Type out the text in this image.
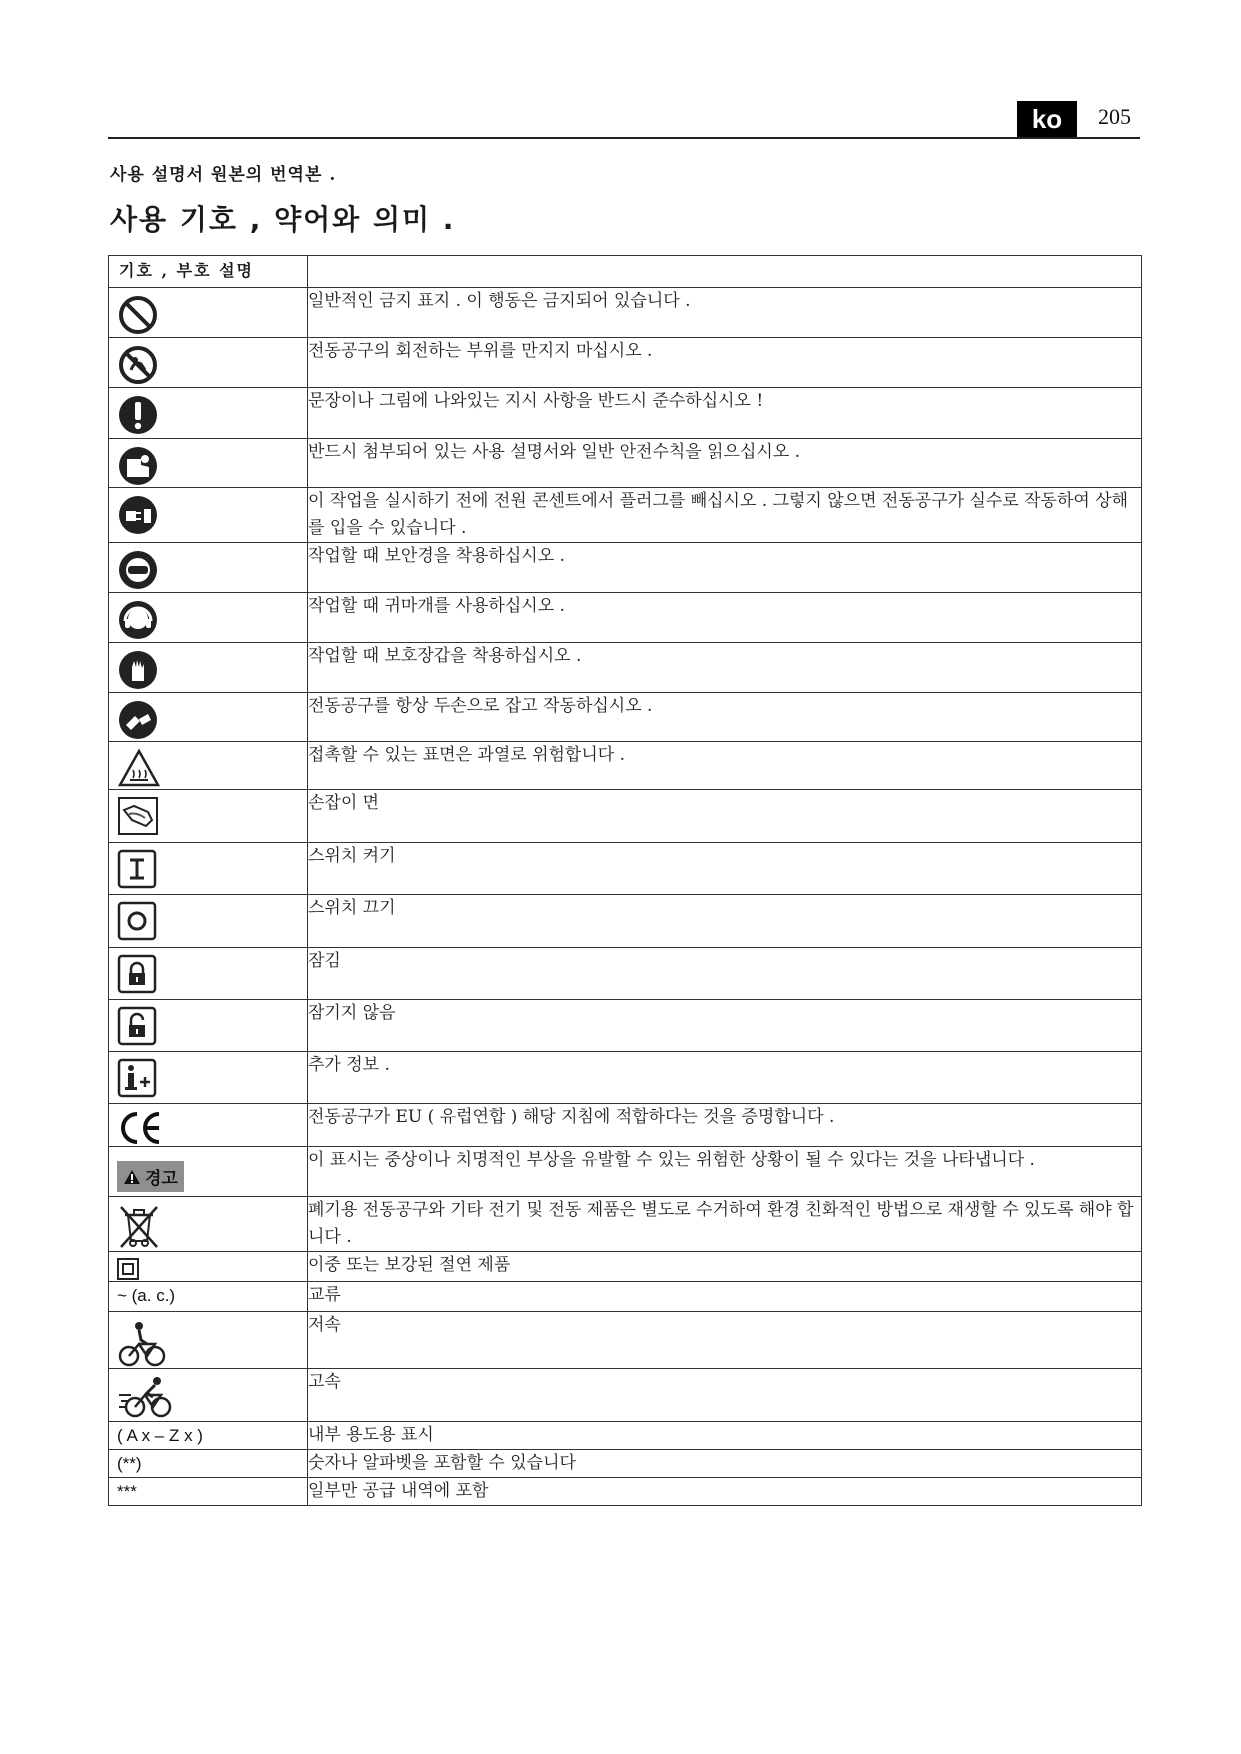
ko	205
사용 설명서 원본의 번역본 .
사용 기호 , 약어와 의미 .
기호 , 부호 설명	

	일반적인 금지 표지 . 이 행동은 금지되어 있습니다 .

	전동공구의 회전하는 부위를 만지지 마십시오 .

	문장이나 그림에 나와있는 지시 사항을 반드시 준수하십시오 !

	반드시 첨부되어 있는 사용 설명서와 일반 안전수칙을 읽으십시오 .

	이 작업을 실시하기 전에 전원 콘센트에서 플러그를 빼십시오 . 그렇지 않으면 전동공구가 실수로 작동하여 상해를 입을 수 있습니다 .

	작업할 때 보안경을 착용하십시오 .

	작업할 때 귀마개를 사용하십시오 .

	작업할 때 보호장갑을 착용하십시오 .

	전동공구를 항상 두손으로 잡고 작동하십시오 .

	접촉할 수 있는 표면은 과열로 위험합니다 .

	손잡이 면

	스위치 켜기

	스위치 끄기

	잠김

	잠기지 않음

	추가 정보 .

	전동공구가 EU ( 유럽연합 ) 해당 지침에 적합하다는 것을 증명합니다 .

경고	이 표시는 중상이나 치명적인 부상을 유발할 수 있는 위험한 상황이 될 수 있다는 것을 나타냅니다 .

	폐기용 전동공구와 기타 전기 및 전동 제품은 별도로 수거하여 환경 친화적인 방법으로 재생할 수 있도록 해야 합니다 .

	이중 또는 보강된 절연 제품

~ (a. c.)	교류

	저속

	고속

( A x – Z x )	내부 용도용 표시

(**)	숫자나 알파벳을 포함할 수 있습니다

***	일부만 공급 내역에 포함
